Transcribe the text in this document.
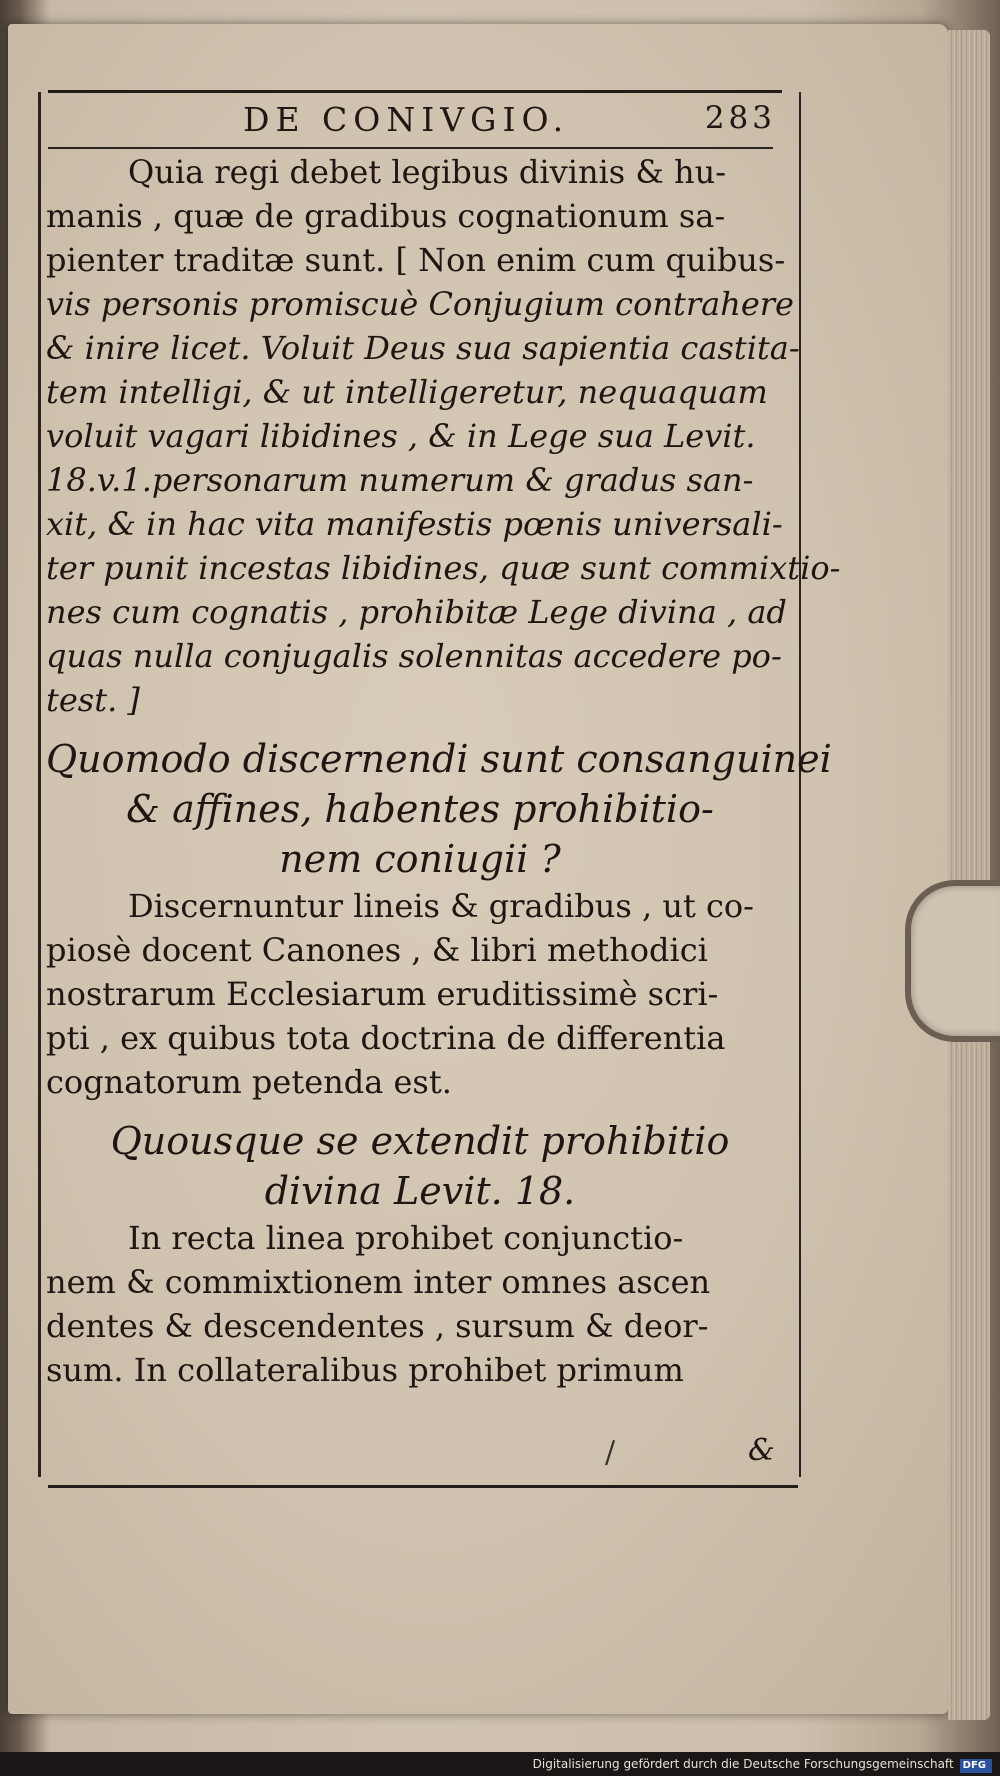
DE CONIVGIO.	283
Quia regi debet legibus divinis & hu-
manis , quæ de gradibus cognationum sa-
pienter traditæ sunt. [ Non enim cum quibus-
vis personis promiscuè Conjugium contrahere
& inire licet. Voluit Deus sua sapientia castita-
tem intelligi, & ut intelligeretur, nequaquam
voluit vagari libidines , & in Lege sua Levit.
18.v.1.personarum numerum & gradus san-
xit, & in hac vita manifestis pœnis universali-
ter punit incestas libidines, quæ sunt commixtio-
nes cum cognatis , prohibitæ Lege divina , ad
quas nulla conjugalis solennitas accedere po-
test. ]
Quomodo discernendi sunt consanguinei
& affines, habentes prohibitio-
nem coniugii ?
Discernuntur lineis & gradibus , ut co-
piosè docent Canones , & libri methodici
nostrarum Ecclesiarum eruditissimè scri-
pti , ex quibus tota doctrina de differentia
cognatorum petenda est.
Quousque se extendit prohibitio
divina Levit. 18.
In recta linea prohibet conjunctio-
nem & commixtionem inter omnes ascen
dentes & descendentes , sursum & deor-
sum. In collateralibus prohibet primum
/	&
Digitalisierung gefördert durch die Deutsche Forschungsgemeinschaft DFG
